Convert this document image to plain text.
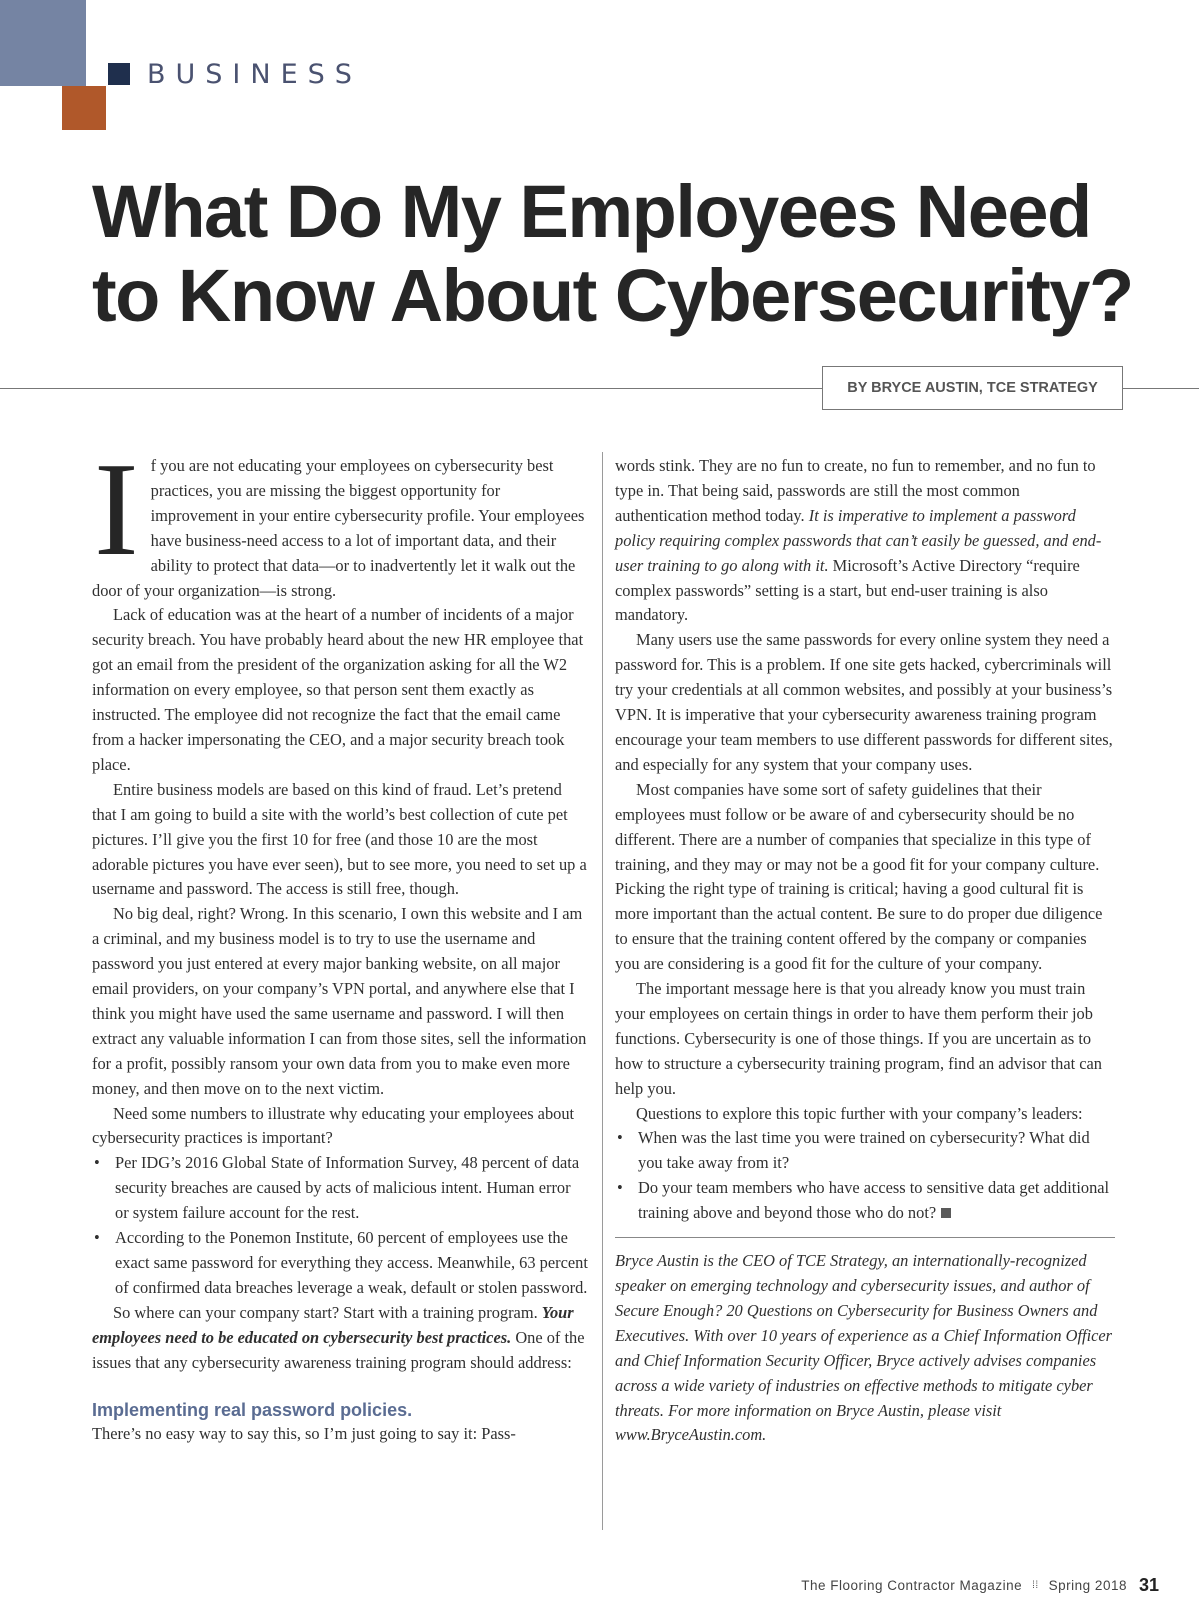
BUSINESS
What Do My Employees Need
to Know About Cybersecurity?
BY BRYCE AUSTIN, TCE STRATEGY

If you are not educating your employees on cybersecurity best practices, you are missing the biggest opportunity for improvement in your entire cybersecurity profile. Your employees have business-need access to a lot of important data, and their ability to protect that data—or to inadvertently let it walk out the door of your organization—is strong.

Lack of education was at the heart of a number of incidents of a major security breach. You have probably heard about the new HR employee that got an email from the president of the organization asking for all the W2 information on every employee, so that person sent them exactly as instructed. The employee did not recognize the fact that the email came from a hacker impersonating the CEO, and a major security breach took place.

Entire business models are based on this kind of fraud. Let’s pretend that I am going to build a site with the world’s best collection of cute pet pictures. I’ll give you the first 10 for free (and those 10 are the most adorable pictures you have ever seen), but to see more, you need to set up a username and password. The access is still free, though.

No big deal, right? Wrong. In this scenario, I own this website and I am a criminal, and my business model is to try to use the username and password you just entered at every major banking website, on all major email providers, on your company’s VPN portal, and anywhere else that I think you might have used the same username and password. I will then extract any valuable information I can from those sites, sell the information for a profit, possibly ransom your own data from you to make even more money, and then move on to the next victim.

Need some numbers to illustrate why educating your employees about cybersecurity practices is important?

• Per IDG’s 2016 Global State of Information Survey, 48 percent of data security breaches are caused by acts of malicious intent. Human error or system failure account for the rest.
• According to the Ponemon Institute, 60 percent of employees use the exact same password for everything they access. Meanwhile, 63 percent of confirmed data breaches leverage a weak, default or stolen password.

So where can your company start? Start with a training program. Your employees need to be educated on cybersecurity best practices. One of the issues that any cybersecurity awareness training program should address:

Implementing real password policies.

There’s no easy way to say this, so I’m just going to say it: Pass-

words stink. They are no fun to create, no fun to remember, and no fun to type in. That being said, passwords are still the most common authentication method today. It is imperative to implement a password policy requiring complex passwords that can’t easily be guessed, and end-user training to go along with it. Microsoft’s Active Directory “require complex passwords” setting is a start, but end-user training is also mandatory.

Many users use the same passwords for every online system they need a password for. This is a problem. If one site gets hacked, cybercriminals will try your credentials at all common websites, and possibly at your business’s VPN. It is imperative that your cybersecurity awareness training program encourage your team members to use different passwords for different sites, and especially for any system that your company uses.

Most companies have some sort of safety guidelines that their employees must follow or be aware of and cybersecurity should be no different. There are a number of companies that specialize in this type of training, and they may or may not be a good fit for your company culture. Picking the right type of training is critical; having a good cultural fit is more important than the actual content. Be sure to do proper due diligence to ensure that the training content offered by the company or companies you are considering is a good fit for the culture of your company.

The important message here is that you already know you must train your employees on certain things in order to have them perform their job functions. Cybersecurity is one of those things. If you are uncertain as to how to structure a cybersecurity training program, find an advisor that can help you.

Questions to explore this topic further with your company’s leaders:

• When was the last time you were trained on cybersecurity? What did you take away from it?
• Do your team members who have access to sensitive data get additional training above and beyond those who do not?

Bryce Austin is the CEO of TCE Strategy, an internationally-recognized speaker on emerging technology and cybersecurity issues, and author of Secure Enough? 20 Questions on Cybersecurity for Business Owners and Executives. With over 10 years of experience as a Chief Information Officer and Chief Information Security Officer, Bryce actively advises companies across a wide variety of industries on effective methods to mitigate cyber threats. For more information on Bryce Austin, please visit www.BryceAustin.com.

The Flooring Contractor Magazine ⁞⁞ Spring 2018 31
